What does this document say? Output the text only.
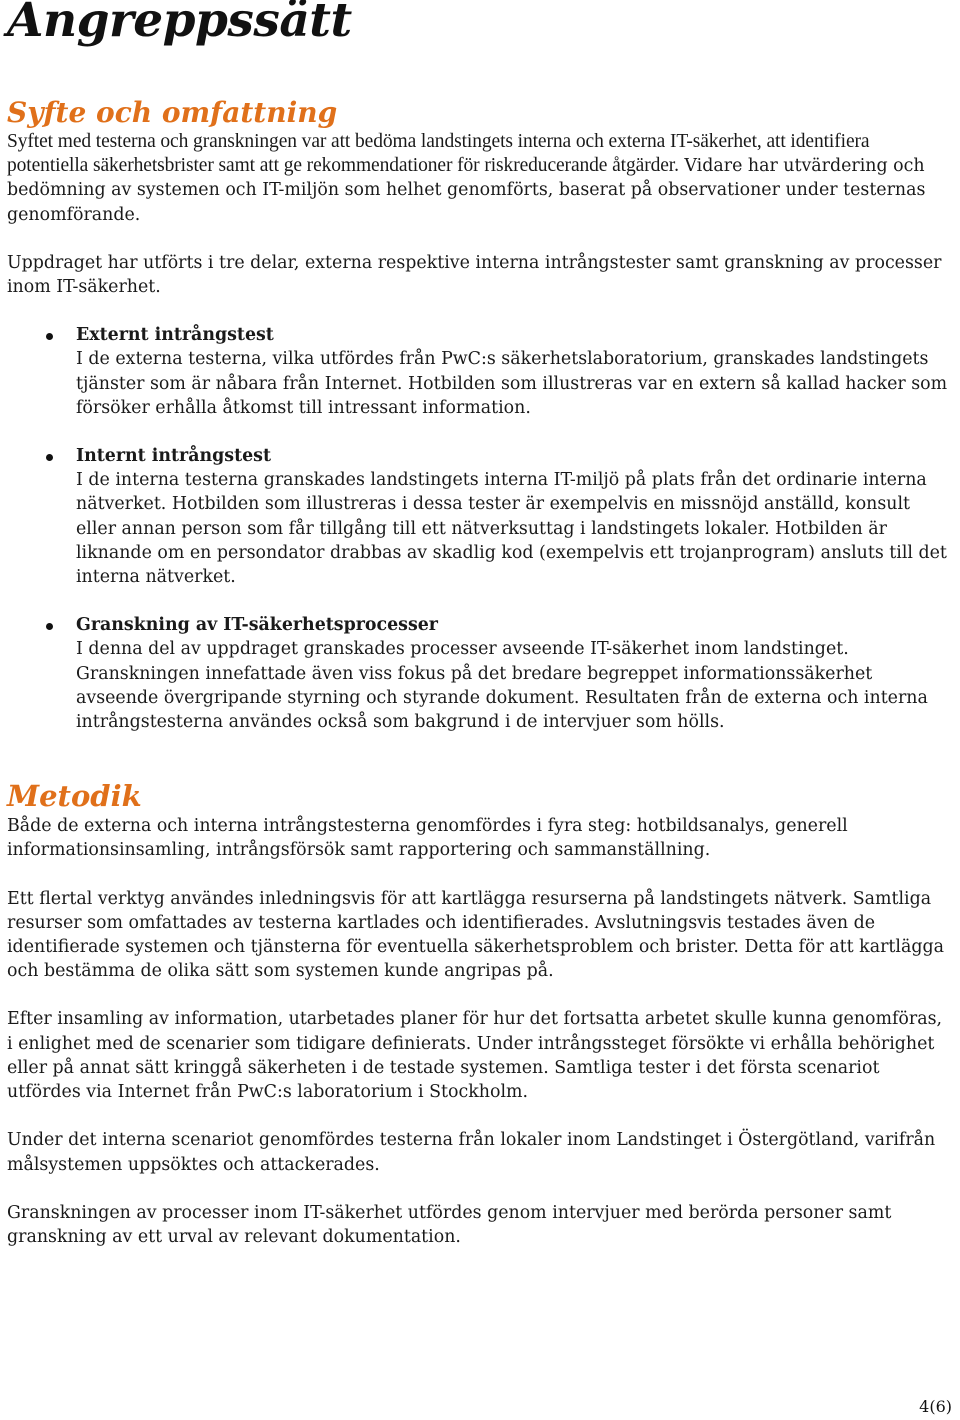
Angreppssätt
Syfte och omfattning

Syftet med testerna och granskningen var att bedöma landstingets interna och externa IT-säkerhet, att identifiera potentiella säkerhetsbrister samt att ge rekommendationer för riskreducerande åtgärder. Vidare har utvärdering och bedömning av systemen och IT-miljön som helhet genomförts, baserat på observationer under testernas genomförande.

Uppdraget har utförts i tre delar, externa respektive interna intrångstester samt granskning av processer inom IT-säkerhet.

Externt intrångstest
I de externa testerna, vilka utfördes från PwC:s säkerhetslaboratorium, granskades landstingets tjänster som är nåbara från Internet. Hotbilden som illustreras var en extern så kallad hacker som försöker erhålla åtkomst till intressant information.
Internt intrångstest
I de interna testerna granskades landstingets interna IT-miljö på plats från det ordinarie interna nätverket. Hotbilden som illustreras i dessa tester är exempelvis en missnöjd anställd, konsult eller annan person som får tillgång till ett nätverksuttag i landstingets lokaler. Hotbilden är liknande om en persondator drabbas av skadlig kod (exempelvis ett trojanprogram) ansluts till det interna nätverket.
Granskning av IT-säkerhetsprocesser
I denna del av uppdraget granskades processer avseende IT-säkerhet inom landstinget. Granskningen innefattade även viss fokus på det bredare begreppet informationssäkerhet avseende övergripande styrning och styrande dokument. Resultaten från de externa och interna intrångstesterna användes också som bakgrund i de intervjuer som hölls.
Metodik

Både de externa och interna intrångstesterna genomfördes i fyra steg: hotbildsanalys, generell informationsinsamling, intrångsförsök samt rapportering och sammanställning.

Ett flertal verktyg användes inledningsvis för att kartlägga resurserna på landstingets nätverk. Samtliga resurser som omfattades av testerna kartlades och identifierades. Avslutningsvis testades även de identifierade systemen och tjänsterna för eventuella säkerhetsproblem och brister. Detta för att kartlägga och bestämma de olika sätt som systemen kunde angripas på.

Efter insamling av information, utarbetades planer för hur det fortsatta arbetet skulle kunna genomföras, i enlighet med de scenarier som tidigare definierats. Under intrångssteget försökte vi erhålla behörighet eller på annat sätt kringgå säkerheten i de testade systemen. Samtliga tester i det första scenariot utfördes via Internet från PwC:s laboratorium i Stockholm.

Under det interna scenariot genomfördes testerna från lokaler inom Landstinget i Östergötland, varifrån målsystemen uppsöktes och attackerades.

Granskningen av processer inom IT-säkerhet utfördes genom intervjuer med berörda personer samt granskning av ett urval av relevant dokumentation.

4(6)
